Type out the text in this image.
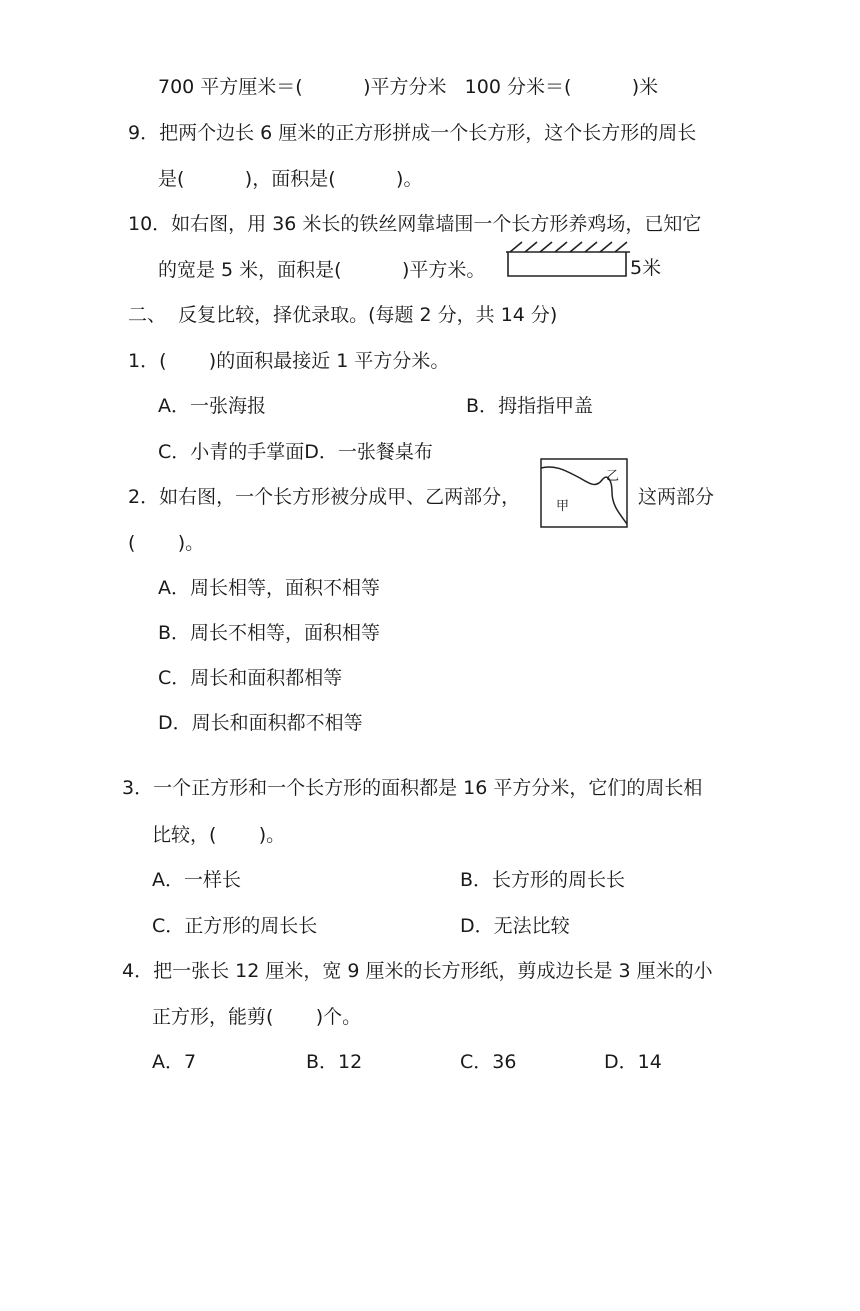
700 平方厘米＝(          )平方分米   100 分米＝(          )米
9．把两个边长 6 厘米的正方形拼成一个长方形，这个长方形的周长
是(          )，面积是(          )。
10．如右图，用 36 米长的铁丝网靠墙围一个长方形养鸡场，已知它
的宽是 5 米，面积是(          )平方米。	5米
二、  反复比较，择优录取。(每题 2 分，共 14 分)
1．(       )的面积最接近 1 平方分米。
A．一张海报	B．拇指指甲盖
C．小青的手掌面D．一张餐桌布
2．如右图，一个长方形被分成甲、乙两部分，	甲
乙
这两部分
(       )。
A．周长相等，面积不相等
B．周长不相等，面积相等
C．周长和面积都相等
D．周长和面积都不相等
3．一个正方形和一个长方形的面积都是 16 平方分米，它们的周长相
比较，(       )。
A．一样长	B．长方形的周长长
C．正方形的周长长	D．无法比较
4．把一张长 12 厘米，宽 9 厘米的长方形纸，剪成边长是 3 厘米的小
正方形，能剪(       )个。
A．7	B．12	C．36	D．14
